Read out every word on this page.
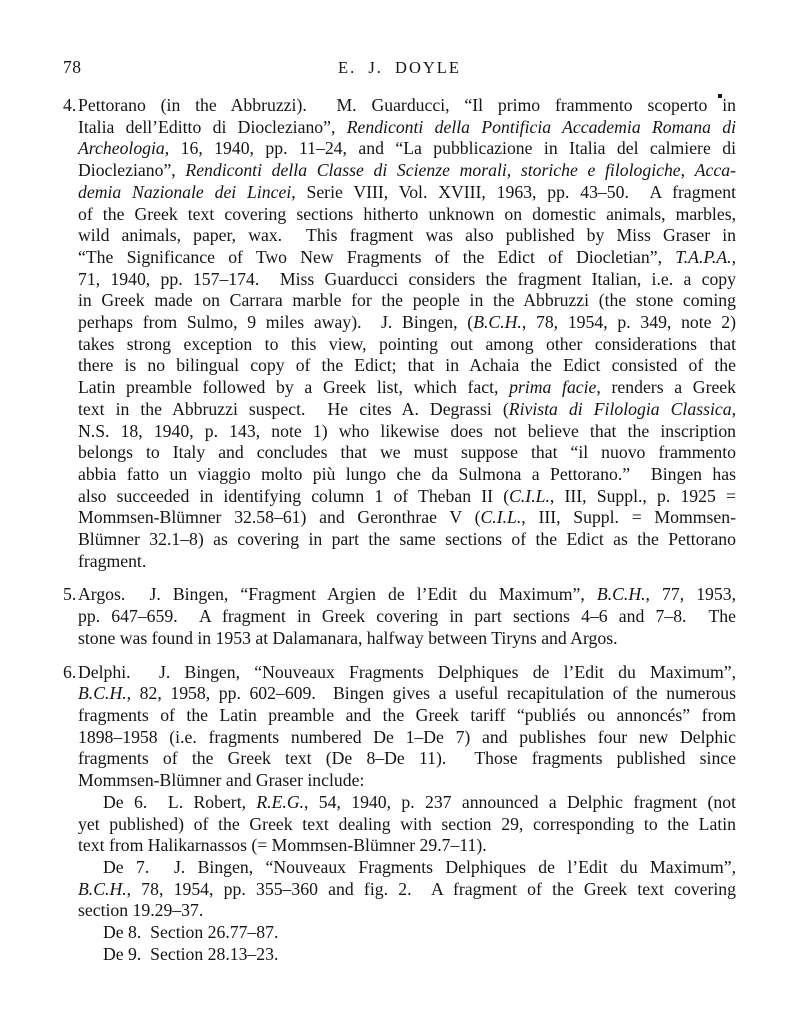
78	E. J. DOYLE
4. Pettorano (in the Abbruzzi).  M. Guarducci, “Il primo frammento scoperto in
Italia dell’Editto di Diocleziano”, Rendiconti della Pontificia Accademia Romana di
Archeologia, 16, 1940, pp. 11–24, and “La pubblicazione in Italia del calmiere di
Diocleziano”, Rendiconti della Classe di Scienze morali, storiche e filologiche, Acca-
demia Nazionale dei Lincei, Serie VIII, Vol. XVIII, 1963, pp. 43–50.  A fragment
of the Greek text covering sections hitherto unknown on domestic animals, marbles,
wild animals, paper, wax.  This fragment was also published by Miss Graser in
“The Significance of Two New Fragments of the Edict of Diocletian”, T.A.P.A.,
71, 1940, pp. 157–174.  Miss Guarducci considers the fragment Italian, i.e. a copy
in Greek made on Carrara marble for the people in the Abbruzzi (the stone coming
perhaps from Sulmo, 9 miles away).  J. Bingen, (B.C.H., 78, 1954, p. 349, note 2)
takes strong exception to this view, pointing out among other considerations that
there is no bilingual copy of the Edict; that in Achaia the Edict consisted of the
Latin preamble followed by a Greek list, which fact, prima facie, renders a Greek
text in the Abbruzzi suspect.  He cites A. Degrassi (Rivista di Filologia Classica,
N.S. 18, 1940, p. 143, note 1) who likewise does not believe that the inscription
belongs to Italy and concludes that we must suppose that “il nuovo frammento
abbia fatto un viaggio molto più lungo che da Sulmona a Pettorano.”  Bingen has
also succeeded in identifying column 1 of Theban II (C.I.L., III, Suppl., p. 1925 =
Mommsen-Blümner 32.58–61) and Geronthrae V (C.I.L., III, Suppl. = Mommsen-
Blümner 32.1–8) as covering in part the same sections of the Edict as the Pettorano
fragment.
5. Argos.  J. Bingen, “Fragment Argien de l’Edit du Maximum”, B.C.H., 77, 1953,
pp. 647–659.  A fragment in Greek covering in part sections 4–6 and 7–8.  The
stone was found in 1953 at Dalamanara, halfway between Tiryns and Argos.
6. Delphi.  J. Bingen, “Nouveaux Fragments Delphiques de l’Edit du Maximum”,
B.C.H., 82, 1958, pp. 602–609.  Bingen gives a useful recapitulation of the numerous
fragments of the Latin preamble and the Greek tariff “publiés ou annoncés” from
1898–1958 (i.e. fragments numbered De 1–De 7) and publishes four new Delphic
fragments of the Greek text (De 8–De 11).  Those fragments published since
Mommsen-Blümner and Graser include:
De 6.  L. Robert, R.E.G., 54, 1940, p. 237 announced a Delphic fragment (not
yet published) of the Greek text dealing with section 29, corresponding to the Latin
text from Halikarnassos (= Mommsen-Blümner 29.7–11).
De 7.  J. Bingen, “Nouveaux Fragments Delphiques de l’Edit du Maximum”,
B.C.H., 78, 1954, pp. 355–360 and fig. 2.  A fragment of the Greek text covering
section 19.29–37.
De 8.  Section 26.77–87.
De 9.  Section 28.13–23.
